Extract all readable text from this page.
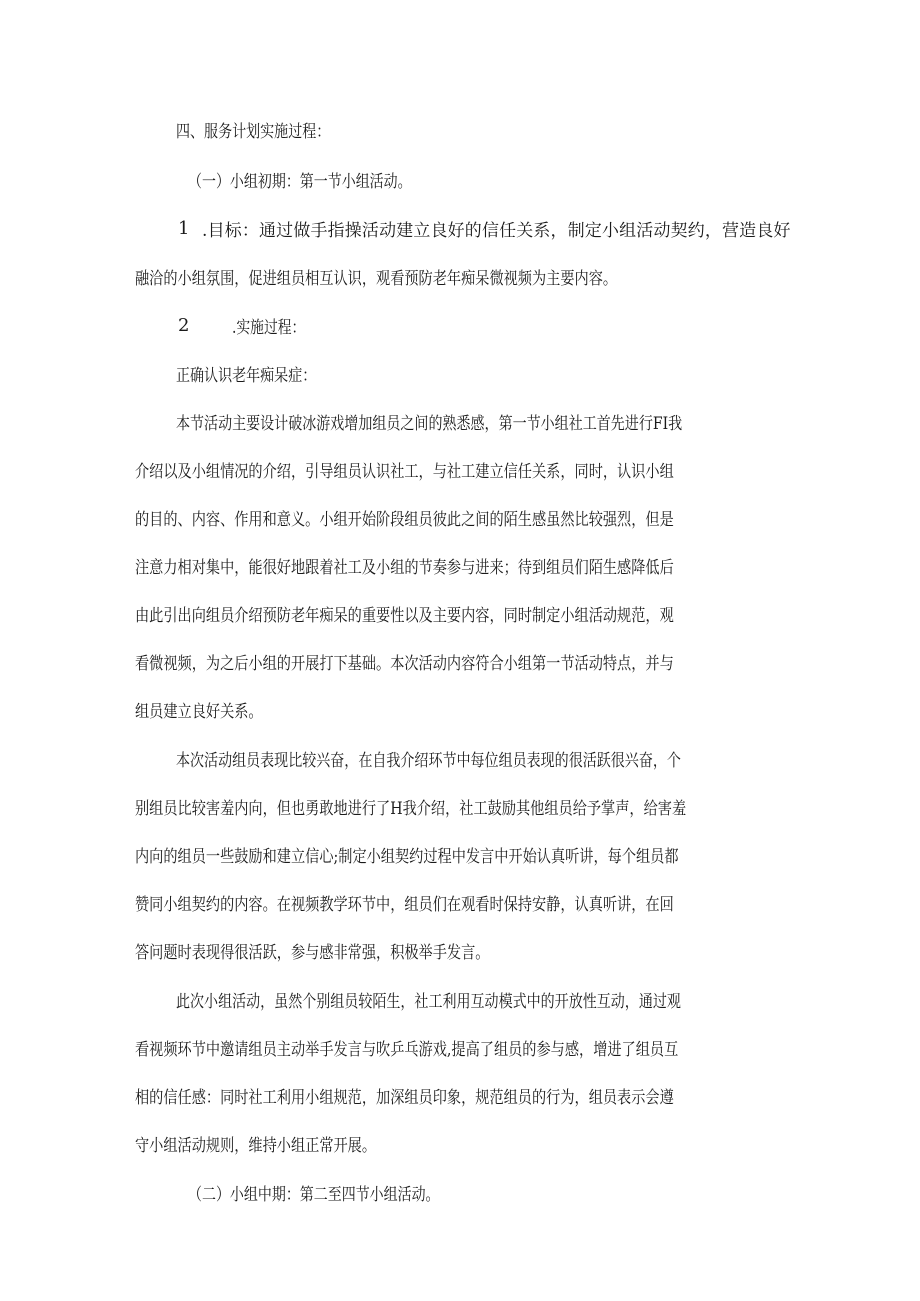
四、服务计划实施过程：
（一）小组初期：第一节小组活动。
1 .目标：通过做手指操活动建立良好的信任关系，制定小组活动契约，营造良好
融洽的小组氛围，促进组员相互认识，观看预防老年痴呆微视频为主要内容。
2	.实施过程：
正确认识老年痴呆症：
本节活动主要设计破冰游戏增加组员之间的熟悉感，第一节小组社工首先进行FI我
介绍以及小组情况的介绍，引导组员认识社工，与社工建立信任关系，同时，认识小组
的目的、内容、作用和意义。小组开始阶段组员彼此之间的陌生感虽然比较强烈，但是
注意力相对集中，能很好地跟着社工及小组的节奏参与进来；待到组员们陌生感降低后
由此引出向组员介绍预防老年痴呆的重要性以及主要内容，同时制定小组活动规范，观
看微视频，为之后小组的开展打下基础。本次活动内容符合小组第一节活动特点，并与
组员建立良好关系。
本次活动组员表现比较兴奋，在自我介绍环节中每位组员表现的很活跃很兴奋，个
别组员比较害羞内向，但也勇敢地进行了H我介绍，社工鼓励其他组员给予掌声，给害羞
内向的组员一些鼓励和建立信心;制定小组契约过程中发言中开始认真听讲，每个组员都
赞同小组契约的内容。在视频教学环节中，组员们在观看时保持安静，认真听讲，在回
答问题时表现得很活跃，参与感非常强，积极举手发言。
此次小组活动，虽然个别组员较陌生，社工利用互动模式中的开放性互动，通过观
看视频环节中邀请组员主动举手发言与吹乒乓游戏,提高了组员的参与感，增进了组员互
相的信任感：同时社工利用小组规范，加深组员印象，规范组员的行为，组员表示会遵
守小组活动规则，维持小组正常开展。
（二）小组中期：第二至四节小组活动。
